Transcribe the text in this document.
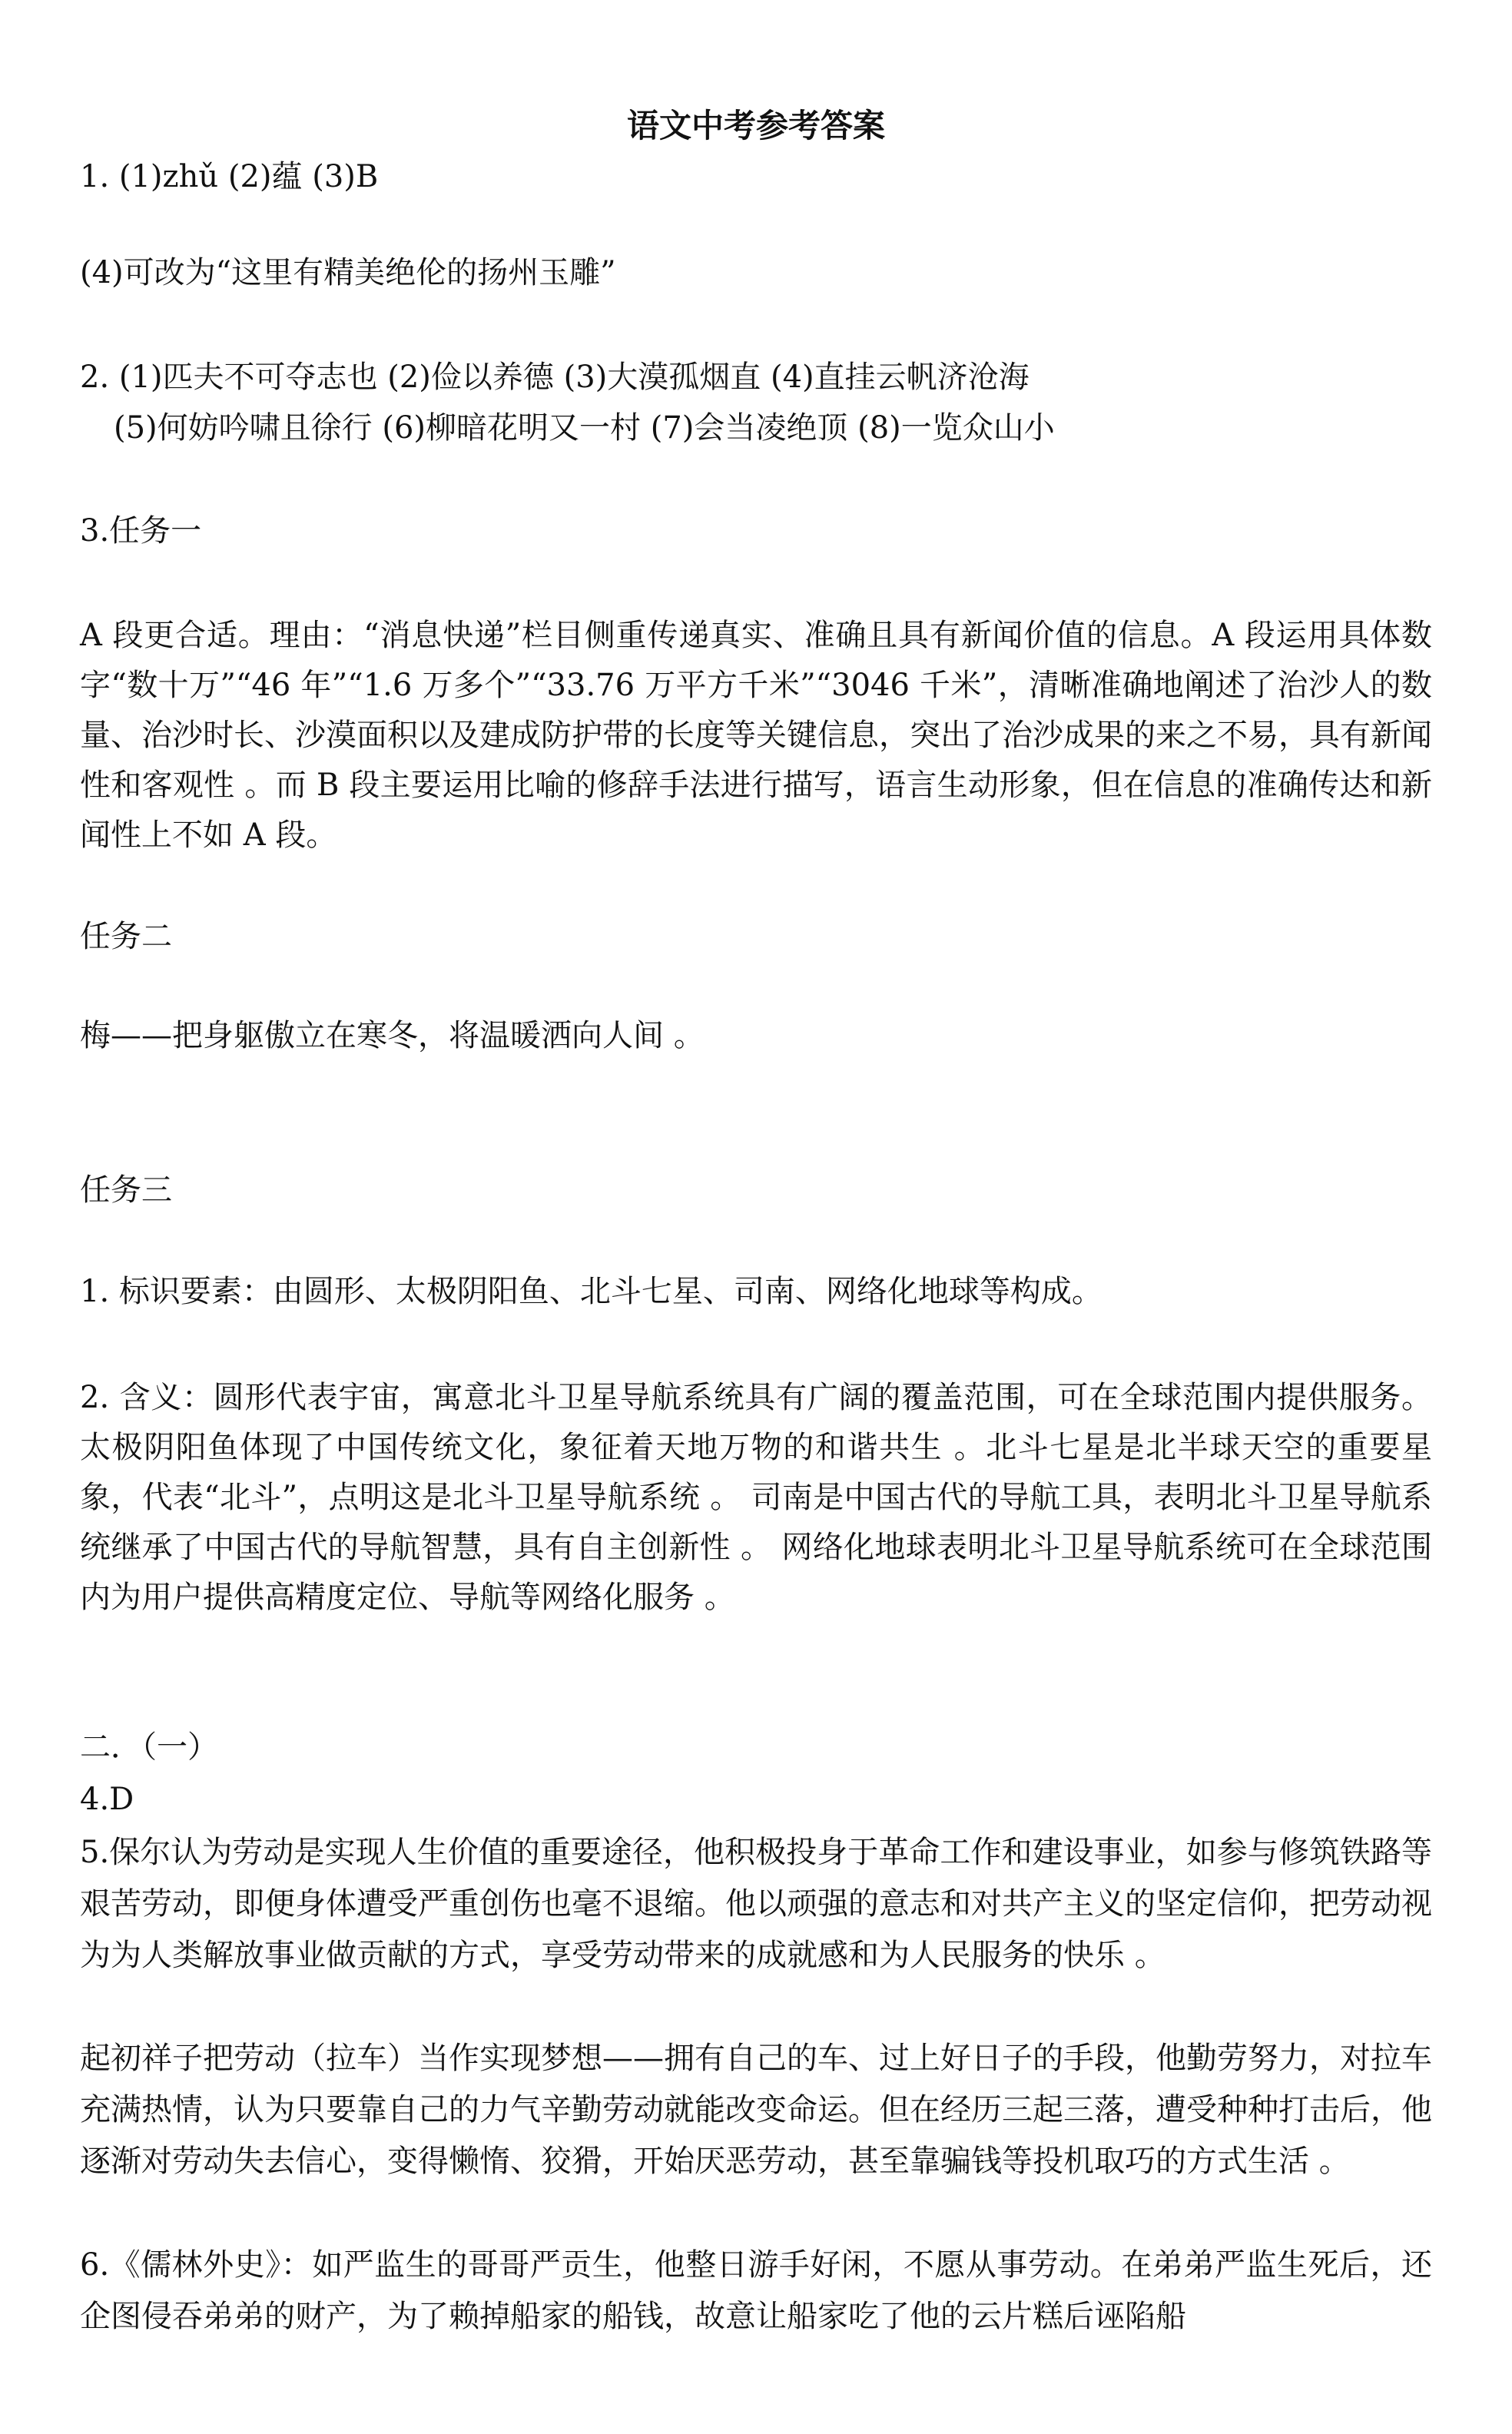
语文中考参考答案
1. (1)zhǔ (2)蕴 (3)B
(4)可改为“这里有精美绝伦的扬州玉雕”
2. (1)匹夫不可夺志也 (2)俭以养德 (3)大漠孤烟直 (4)直挂云帆济沧海
(5)何妨吟啸且徐行 (6)柳暗花明又一村 (7)会当凌绝顶 (8)一览众山小
3.任务一
A 段更合适。理由：“消息快递”栏目侧重传递真实、准确且具有新闻价值的信息。A 段运用具体数字“数十万”“46 年”“1.6 万多个”“33.76 万平方千米”“3046 千米”，清晰准确地阐述了治沙人的数量、治沙时长、沙漠面积以及建成防护带的长度等关键信息，突出了治沙成果的来之不易，具有新闻性和客观性 。而 B 段主要运用比喻的修辞手法进行描写，语言生动形象，但在信息的准确传达和新闻性上不如 A 段。
任务二
梅——把身躯傲立在寒冬，将温暖洒向人间 。
任务三
1. 标识要素：由圆形、太极阴阳鱼、北斗七星、司南、网络化地球等构成。
2. 含义：圆形代表宇宙，寓意北斗卫星导航系统具有广阔的覆盖范围，可在全球范围内提供服务。太极阴阳鱼体现了中国传统文化，象征着天地万物的和谐共生 。北斗七星是北半球天空的重要星象，代表“北斗”，点明这是北斗卫星导航系统 。 司南是中国古代的导航工具，表明北斗卫星导航系统继承了中国古代的导航智慧，具有自主创新性 。 网络化地球表明北斗卫星导航系统可在全球范围内为用户提供高精度定位、导航等网络化服务 。
二．（一）
4.D
5.保尔认为劳动是实现人生价值的重要途径，他积极投身于革命工作和建设事业，如参与修筑铁路等艰苦劳动，即便身体遭受严重创伤也毫不退缩。他以顽强的意志和对共产主义的坚定信仰，把劳动视为为人类解放事业做贡献的方式，享受劳动带来的成就感和为人民服务的快乐 。
起初祥子把劳动（拉车）当作实现梦想——拥有自己的车、过上好日子的手段，他勤劳努力，对拉车充满热情，认为只要靠自己的力气辛勤劳动就能改变命运。但在经历三起三落，遭受种种打击后，他逐渐对劳动失去信心，变得懒惰、狡猾，开始厌恶劳动，甚至靠骗钱等投机取巧的方式生活 。
6.《儒林外史》：如严监生的哥哥严贡生，他整日游手好闲，不愿从事劳动。在弟弟严监生死后，还企图侵吞弟弟的财产，为了赖掉船家的船钱，故意让船家吃了他的云片糕后诬陷船
